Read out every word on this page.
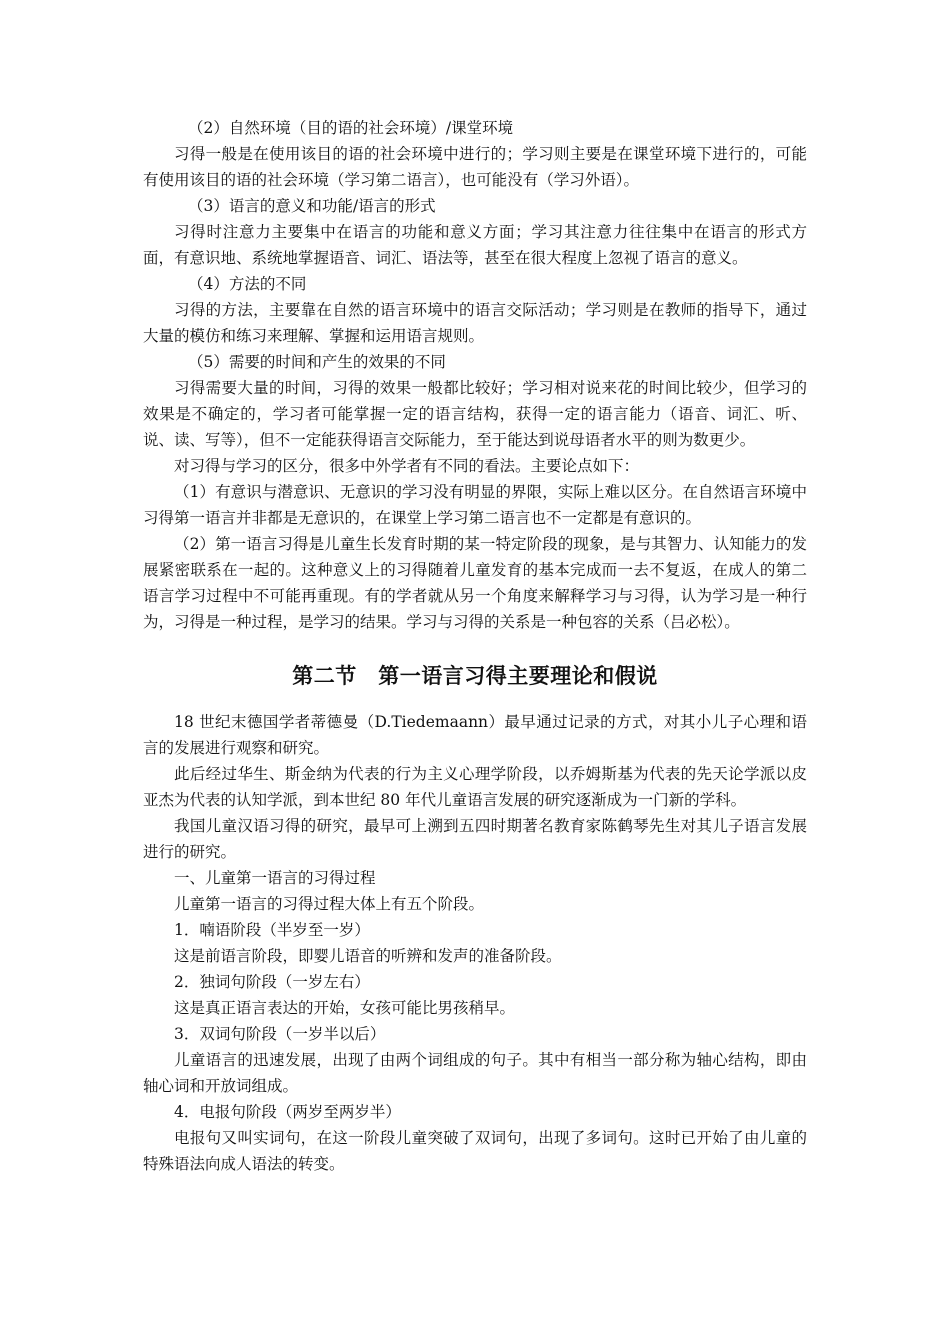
（2）自然环境（目的语的社会环境）/课堂环境

习得一般是在使用该目的语的社会环境中进行的；学习则主要是在课堂环境下进行的，可能有使用该目的语的社会环境（学习第二语言），也可能没有（学习外语）。

（3）语言的意义和功能/语言的形式

习得时注意力主要集中在语言的功能和意义方面；学习其注意力往往集中在语言的形式方面，有意识地、系统地掌握语音、词汇、语法等，甚至在很大程度上忽视了语言的意义。

（4）方法的不同

习得的方法，主要靠在自然的语言环境中的语言交际活动；学习则是在教师的指导下，通过大量的模仿和练习来理解、掌握和运用语言规则。

（5）需要的时间和产生的效果的不同

习得需要大量的时间，习得的效果一般都比较好；学习相对说来花的时间比较少，但学习的效果是不确定的，学习者可能掌握一定的语言结构，获得一定的语言能力（语音、词汇、听、说、读、写等），但不一定能获得语言交际能力，至于能达到说母语者水平的则为数更少。

对习得与学习的区分，很多中外学者有不同的看法。主要论点如下：

（1）有意识与潜意识、无意识的学习没有明显的界限，实际上难以区分。在自然语言环境中习得第一语言并非都是无意识的，在课堂上学习第二语言也不一定都是有意识的。

（2）第一语言习得是儿童生长发育时期的某一特定阶段的现象，是与其智力、认知能力的发展紧密联系在一起的。这种意义上的习得随着儿童发育的基本完成而一去不复返，在成人的第二语言学习过程中不可能再重现。有的学者就从另一个角度来解释学习与习得，认为学习是一种行为，习得是一种过程，是学习的结果。学习与习得的关系是一种包容的关系（吕必松）。

第二节　第一语言习得主要理论和假说

18 世纪末德国学者蒂德曼（D.Tiedemaann）最早通过记录的方式，对其小儿子心理和语言的发展进行观察和研究。

此后经过华生、斯金纳为代表的行为主义心理学阶段，以乔姆斯基为代表的先天论学派以皮亚杰为代表的认知学派，到本世纪 80 年代儿童语言发展的研究逐渐成为一门新的学科。

我国儿童汉语习得的研究，最早可上溯到五四时期著名教育家陈鹤琴先生对其儿子语言发展进行的研究。

一、儿童第一语言的习得过程

儿童第一语言的习得过程大体上有五个阶段。

1．喃语阶段（半岁至一岁）

这是前语言阶段，即婴儿语音的听辨和发声的准备阶段。

2．独词句阶段（一岁左右）

这是真正语言表达的开始，女孩可能比男孩稍早。

3．双词句阶段（一岁半以后）

儿童语言的迅速发展，出现了由两个词组成的句子。其中有相当一部分称为轴心结构，即由轴心词和开放词组成。

4．电报句阶段（两岁至两岁半）

电报句又叫实词句，在这一阶段儿童突破了双词句，出现了多词句。这时已开始了由儿童的特殊语法向成人语法的转变。
